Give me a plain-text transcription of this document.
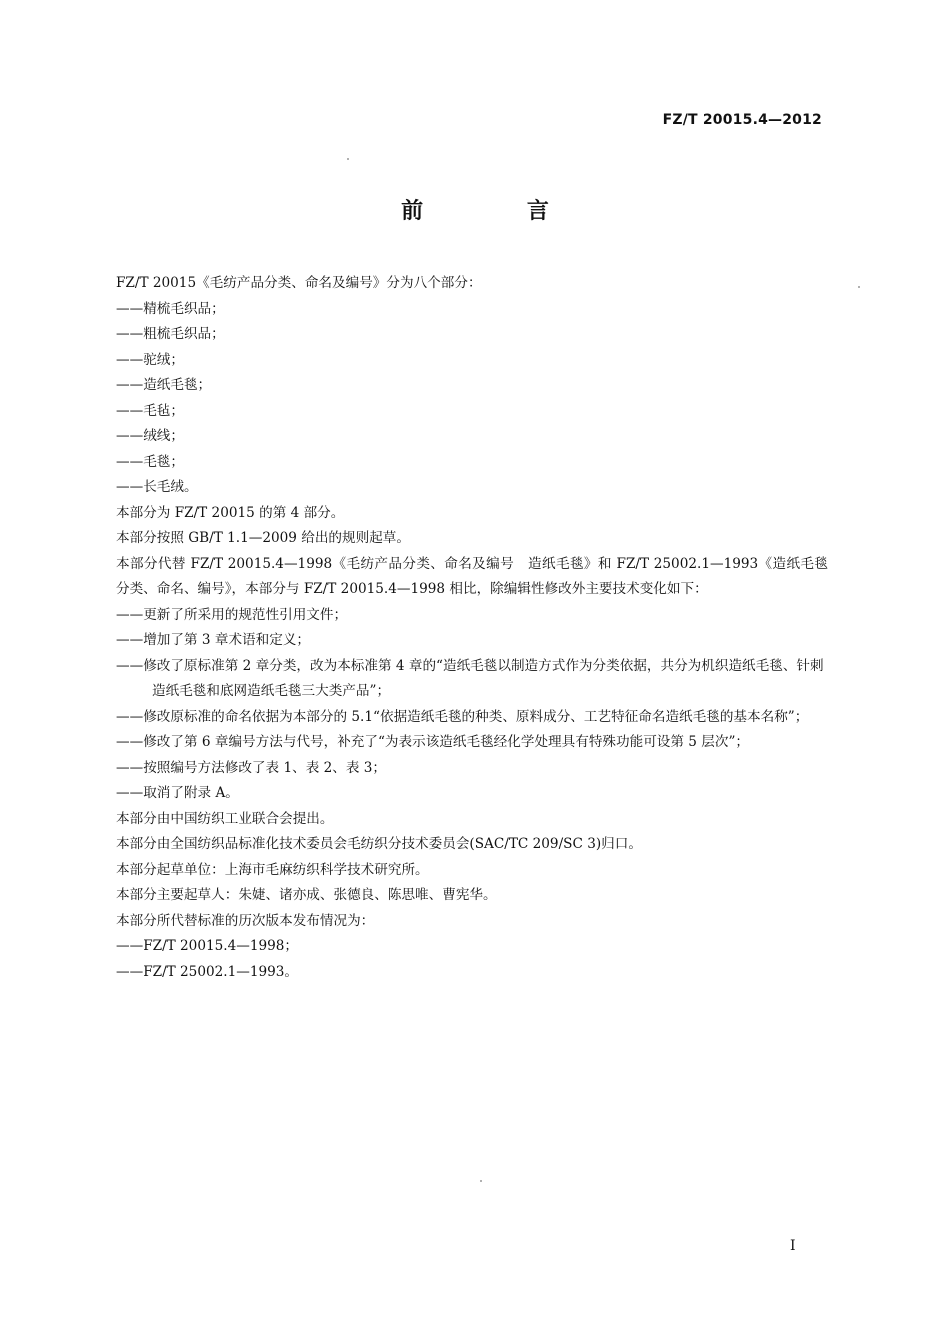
FZ/T 20015.4—2012
前 言
FZ/T 20015《毛纺产品分类、命名及编号》分为八个部分：
——精梳毛织品；
——粗梳毛织品；
——驼绒；
——造纸毛毯；
——毛毡；
——绒线；
——毛毯；
——长毛绒。
本部分为 FZ/T 20015 的第 4 部分。
本部分按照 GB/T 1.1—2009 给出的规则起草。
本部分代替 FZ/T 20015.4—1998《毛纺产品分类、命名及编号　造纸毛毯》和 FZ/T 25002.1—1993《造纸毛毯分类、命名、编号》，本部分与 FZ/T 20015.4—1998 相比，除编辑性修改外主要技术变化如下：
——更新了所采用的规范性引用文件；
——增加了第 3 章术语和定义；
——修改了原标准第 2 章分类，改为本标准第 4 章的“造纸毛毯以制造方式作为分类依据，共分为机织造纸毛毯、针刺造纸毛毯和底网造纸毛毯三大类产品”；
——修改原标准的命名依据为本部分的 5.1“依据造纸毛毯的种类、原料成分、工艺特征命名造纸毛毯的基本名称”；
——修改了第 6 章编号方法与代号，补充了“为表示该造纸毛毯经化学处理具有特殊功能可设第 5 层次”；
——按照编号方法修改了表 1、表 2、表 3；
——取消了附录 A。
本部分由中国纺织工业联合会提出。
本部分由全国纺织品标准化技术委员会毛纺织分技术委员会(SAC/TC 209/SC 3)归口。
本部分起草单位：上海市毛麻纺织科学技术研究所。
本部分主要起草人：朱婕、诸亦成、张德良、陈思唯、曹宪华。
本部分所代替标准的历次版本发布情况为：
——FZ/T 20015.4—1998；
——FZ/T 25002.1—1993。
I
